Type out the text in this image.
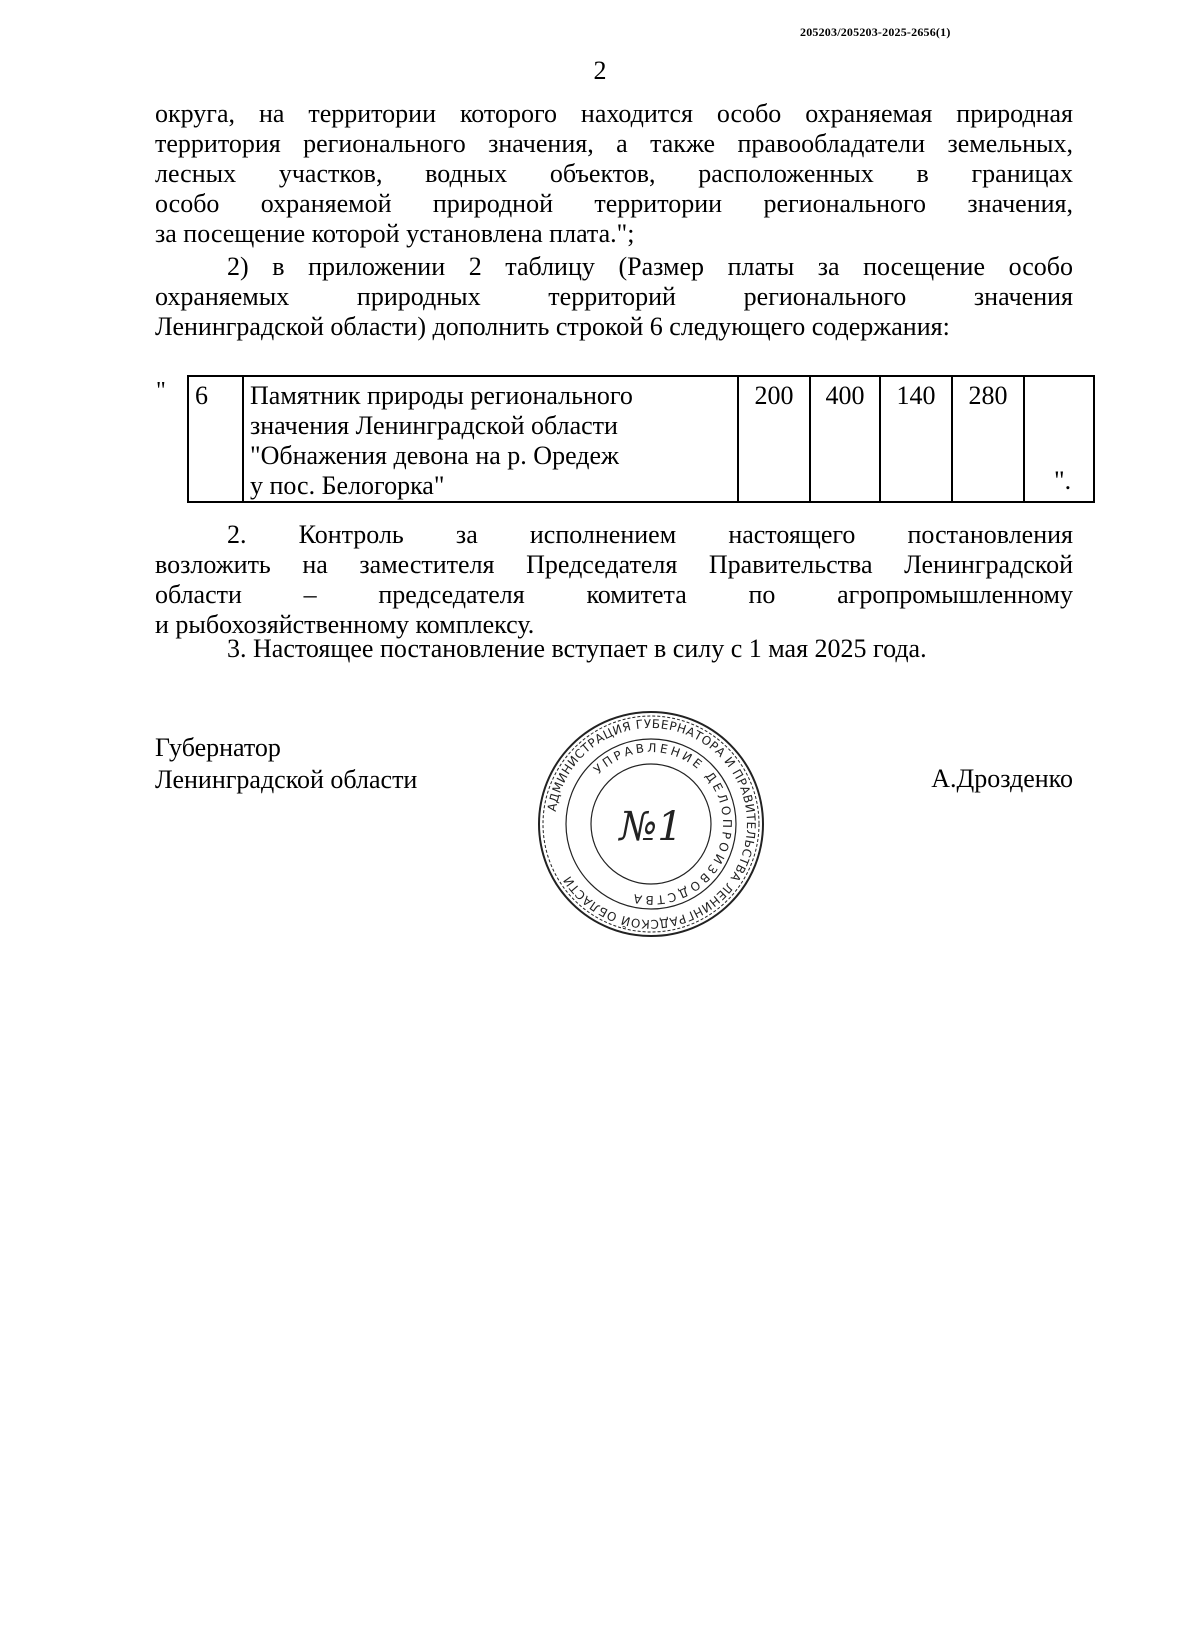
205203/205203-2025-2656(1)
2
округа, на территории которого находится особо охраняемая природная
территория регионального значения, а также правообладатели земельных,
лесных участков, водных объектов, расположенных в границах
особо охраняемой природной территории регионального значения,
за посещение которой установлена плата.";
2) в приложении 2 таблицу (Размер платы за посещение особо
охраняемых природных территорий регионального значения
Ленинградской области) дополнить строкой 6 следующего содержания:
" 6	Памятник природы регионального
значения Ленинградской области
"Обнажения девона на р. Оредеж
у пос. Белогорка"
	200	400	140	280	
".
2. Контроль за исполнением настоящего постановления
возложить на заместителя Председателя Правительства Ленинградской
области – председателя комитета по агропромышленному
и рыбохозяйственному комплексу.
3. Настоящее постановление вступает в силу с 1 мая 2025 года.
Губернатор
Ленинградской области
АДМИНИСТРАЦИЯ ГУБЕРНАТОРА И ПРАВИТЕЛЬСТВА ЛЕНИНГРАДСКОЙ ОБЛАСТИ
УПРАВЛЕНИЕ ДЕЛОПРОИЗВОДСТВА
№1
А.Дрозденко
